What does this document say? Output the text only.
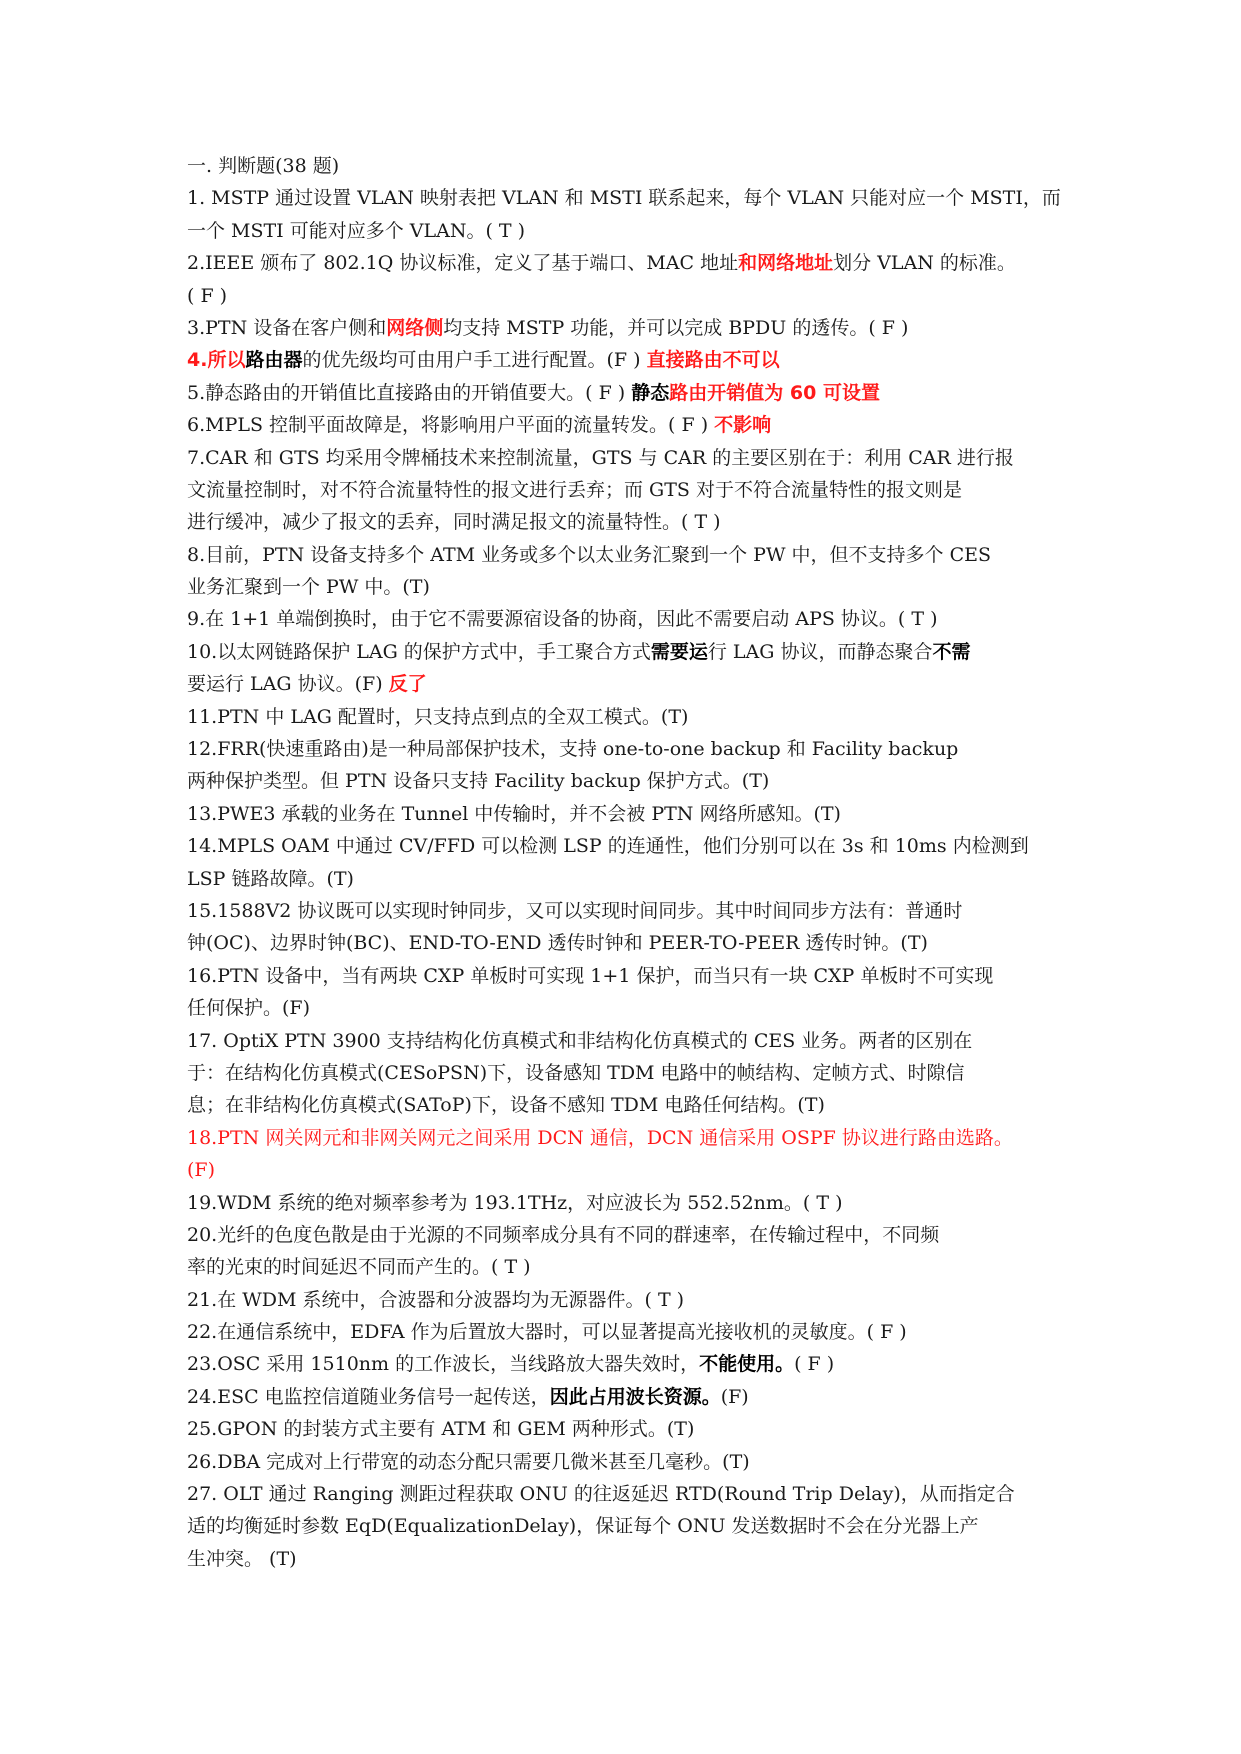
一. 判断题(38 题)
1. MSTP 通过设置 VLAN 映射表把 VLAN 和 MSTI 联系起来，每个 VLAN 只能对应一个 MSTI，而
一个 MSTI 可能对应多个 VLAN。( T )
2.IEEE 颁布了 802.1Q 协议标准，定义了基于端口、MAC 地址和网络地址划分 VLAN 的标准。
( F )
3.PTN 设备在客户侧和网络侧均支持 MSTP 功能，并可以完成 BPDU 的透传。( F )
4.所以路由器的优先级均可由用户手工进行配置。(F ) 直接路由不可以
5.静态路由的开销值比直接路由的开销值要大。( F ) 静态路由开销值为 60 可设置
6.MPLS 控制平面故障是，将影响用户平面的流量转发。( F ) 不影响
7.CAR 和 GTS 均采用令牌桶技术来控制流量，GTS 与 CAR 的主要区别在于：利用 CAR 进行报
文流量控制时，对不符合流量特性的报文进行丢弃；而 GTS 对于不符合流量特性的报文则是
进行缓冲，减少了报文的丢弃，同时满足报文的流量特性。( T )
8.目前，PTN 设备支持多个 ATM 业务或多个以太业务汇聚到一个 PW 中，但不支持多个 CES
业务汇聚到一个 PW 中。(T)
9.在 1+1 单端倒换时，由于它不需要源宿设备的协商，因此不需要启动 APS 协议。( T )
10.以太网链路保护 LAG 的保护方式中，手工聚合方式需要运行 LAG 协议，而静态聚合不需
要运行 LAG 协议。(F) 反了
11.PTN 中 LAG 配置时，只支持点到点的全双工模式。(T)
12.FRR(快速重路由)是一种局部保护技术，支持 one-to-one backup 和 Facility backup
两种保护类型。但 PTN 设备只支持 Facility backup 保护方式。(T)
13.PWE3 承载的业务在 Tunnel 中传输时，并不会被 PTN 网络所感知。(T)
14.MPLS OAM 中通过 CV/FFD 可以检测 LSP 的连通性，他们分别可以在 3s 和 10ms 内检测到
LSP 链路故障。(T)
15.1588V2 协议既可以实现时钟同步，又可以实现时间同步。其中时间同步方法有：普通时
钟(OC)、边界时钟(BC)、END-TO-END 透传时钟和 PEER-TO-PEER 透传时钟。(T)
16.PTN 设备中，当有两块 CXP 单板时可实现 1+1 保护，而当只有一块 CXP 单板时不可实现
任何保护。(F)
17. OptiX PTN 3900 支持结构化仿真模式和非结构化仿真模式的 CES 业务。两者的区别在
于：在结构化仿真模式(CESoPSN)下，设备感知 TDM 电路中的帧结构、定帧方式、时隙信
息；在非结构化仿真模式(SAToP)下，设备不感知 TDM 电路任何结构。(T)
18.PTN 网关网元和非网关网元之间采用 DCN 通信，DCN 通信采用 OSPF 协议进行路由选路。
(F)
19.WDM 系统的绝对频率参考为 193.1THz，对应波长为 552.52nm。( T )
20.光纤的色度色散是由于光源的不同频率成分具有不同的群速率，在传输过程中，不同频
率的光束的时间延迟不同而产生的。( T )
21.在 WDM 系统中，合波器和分波器均为无源器件。( T )
22.在通信系统中，EDFA 作为后置放大器时，可以显著提高光接收机的灵敏度。( F )
23.OSC 采用 1510nm 的工作波长，当线路放大器失效时，不能使用。( F )
24.ESC 电监控信道随业务信号一起传送，因此占用波长资源。(F)
25.GPON 的封装方式主要有 ATM 和 GEM 两种形式。(T)
26.DBA 完成对上行带宽的动态分配只需要几微米甚至几毫秒。(T)
27. OLT 通过 Ranging 测距过程获取 ONU 的往返延迟 RTD(Round Trip Delay)，从而指定合
适的均衡延时参数 EqD(EqualizationDelay)，保证每个 ONU 发送数据时不会在分光器上产
生冲突。 (T)
